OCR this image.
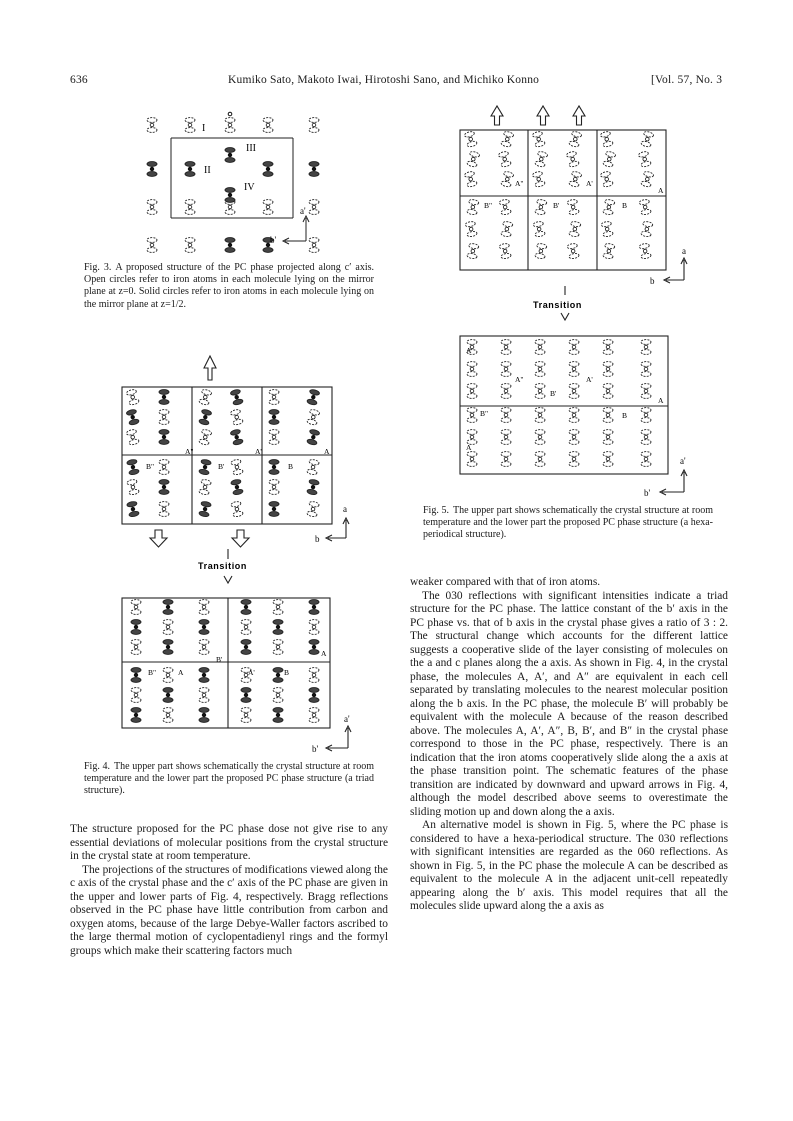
636	Kumiko Sato, Makoto Iwai, Hirotoshi Sano, and Michiko Konno	[Vol. 57, No. 3
I
II
III
IV
a'
b'
Fig. 3. A proposed structure of the PC phase projected along c′ axis. Open circles refer to iron atoms in each molecule lying on the mirror plane at z=0. Solid circles refer to iron atoms in each molecule lying on the mirror plane at z=1/2.
Transition
A"	A'	A
B"	B'	B
B'
A
B"	A	A'	B
a
b
a'
b'
Fig. 4. The upper part shows schematically the crystal structure at room temperature and the lower part the proposed PC phase structure (a triad structure).
Transition
A"	A'
A
B"	B'	B
A"	A'
A
B"
B'
B
A
A
a
b
a'
b'
Fig. 5. The upper part shows schematically the crystal structure at room temperature and the lower part the proposed PC phase structure (a hexa-periodical structure).

The structure proposed for the PC phase dose not give rise to any essential deviations of molecular positions from the crystal structure in the crystal state at room temperature.

The projections of the structures of modifications viewed along the c axis of the crystal phase and the c′ axis of the PC phase are given in the upper and lower parts of Fig. 4, respectively. Bragg reflections observed in the PC phase have little contribution from carbon and oxygen atoms, because of the large Debye-Waller factors ascribed to the large thermal motion of cyclopentadienyl rings and the formyl groups which make their scattering factors much

weaker compared with that of iron atoms.

The 030 reflections with significant intensities indicate a triad structure for the PC phase. The lattice constant of the b′ axis in the PC phase vs. that of b axis in the crystal phase gives a ratio of 3 : 2. The structural change which accounts for the different lattice suggests a cooperative slide of the layer consisting of molecules on the a and c planes along the a axis. As shown in Fig. 4, in the crystal phase, the molecules A, A′, and A″ are equivalent in each cell separated by translating molecules to the nearest molecular position along the b axis. In the PC phase, the molecule B′ will probably be equivalent with the molecule A because of the reason described above. The molecules A, A′, A″, B, B′, and B″ in the crystal phase correspond to those in the PC phase, respectively. There is an indication that the iron atoms cooperatively slide along the a axis at the phase transition point. The schematic features of the phase transition are indicated by downward and upward arrows in Fig. 4, although the model described above seems to overestimate the sliding motion up and down along the a axis.

An alternative model is shown in Fig. 5, where the PC phase is considered to have a hexa-periodical structure. The 030 reflections with significant intensities are regarded as the 060 reflections. As shown in Fig. 5, in the PC phase the molecule A can be described as equivalent to the molecule A in the adjacent unit-cell repeatedly appearing along the b′ axis. This model requires that all the molecules slide upward along the a axis as
